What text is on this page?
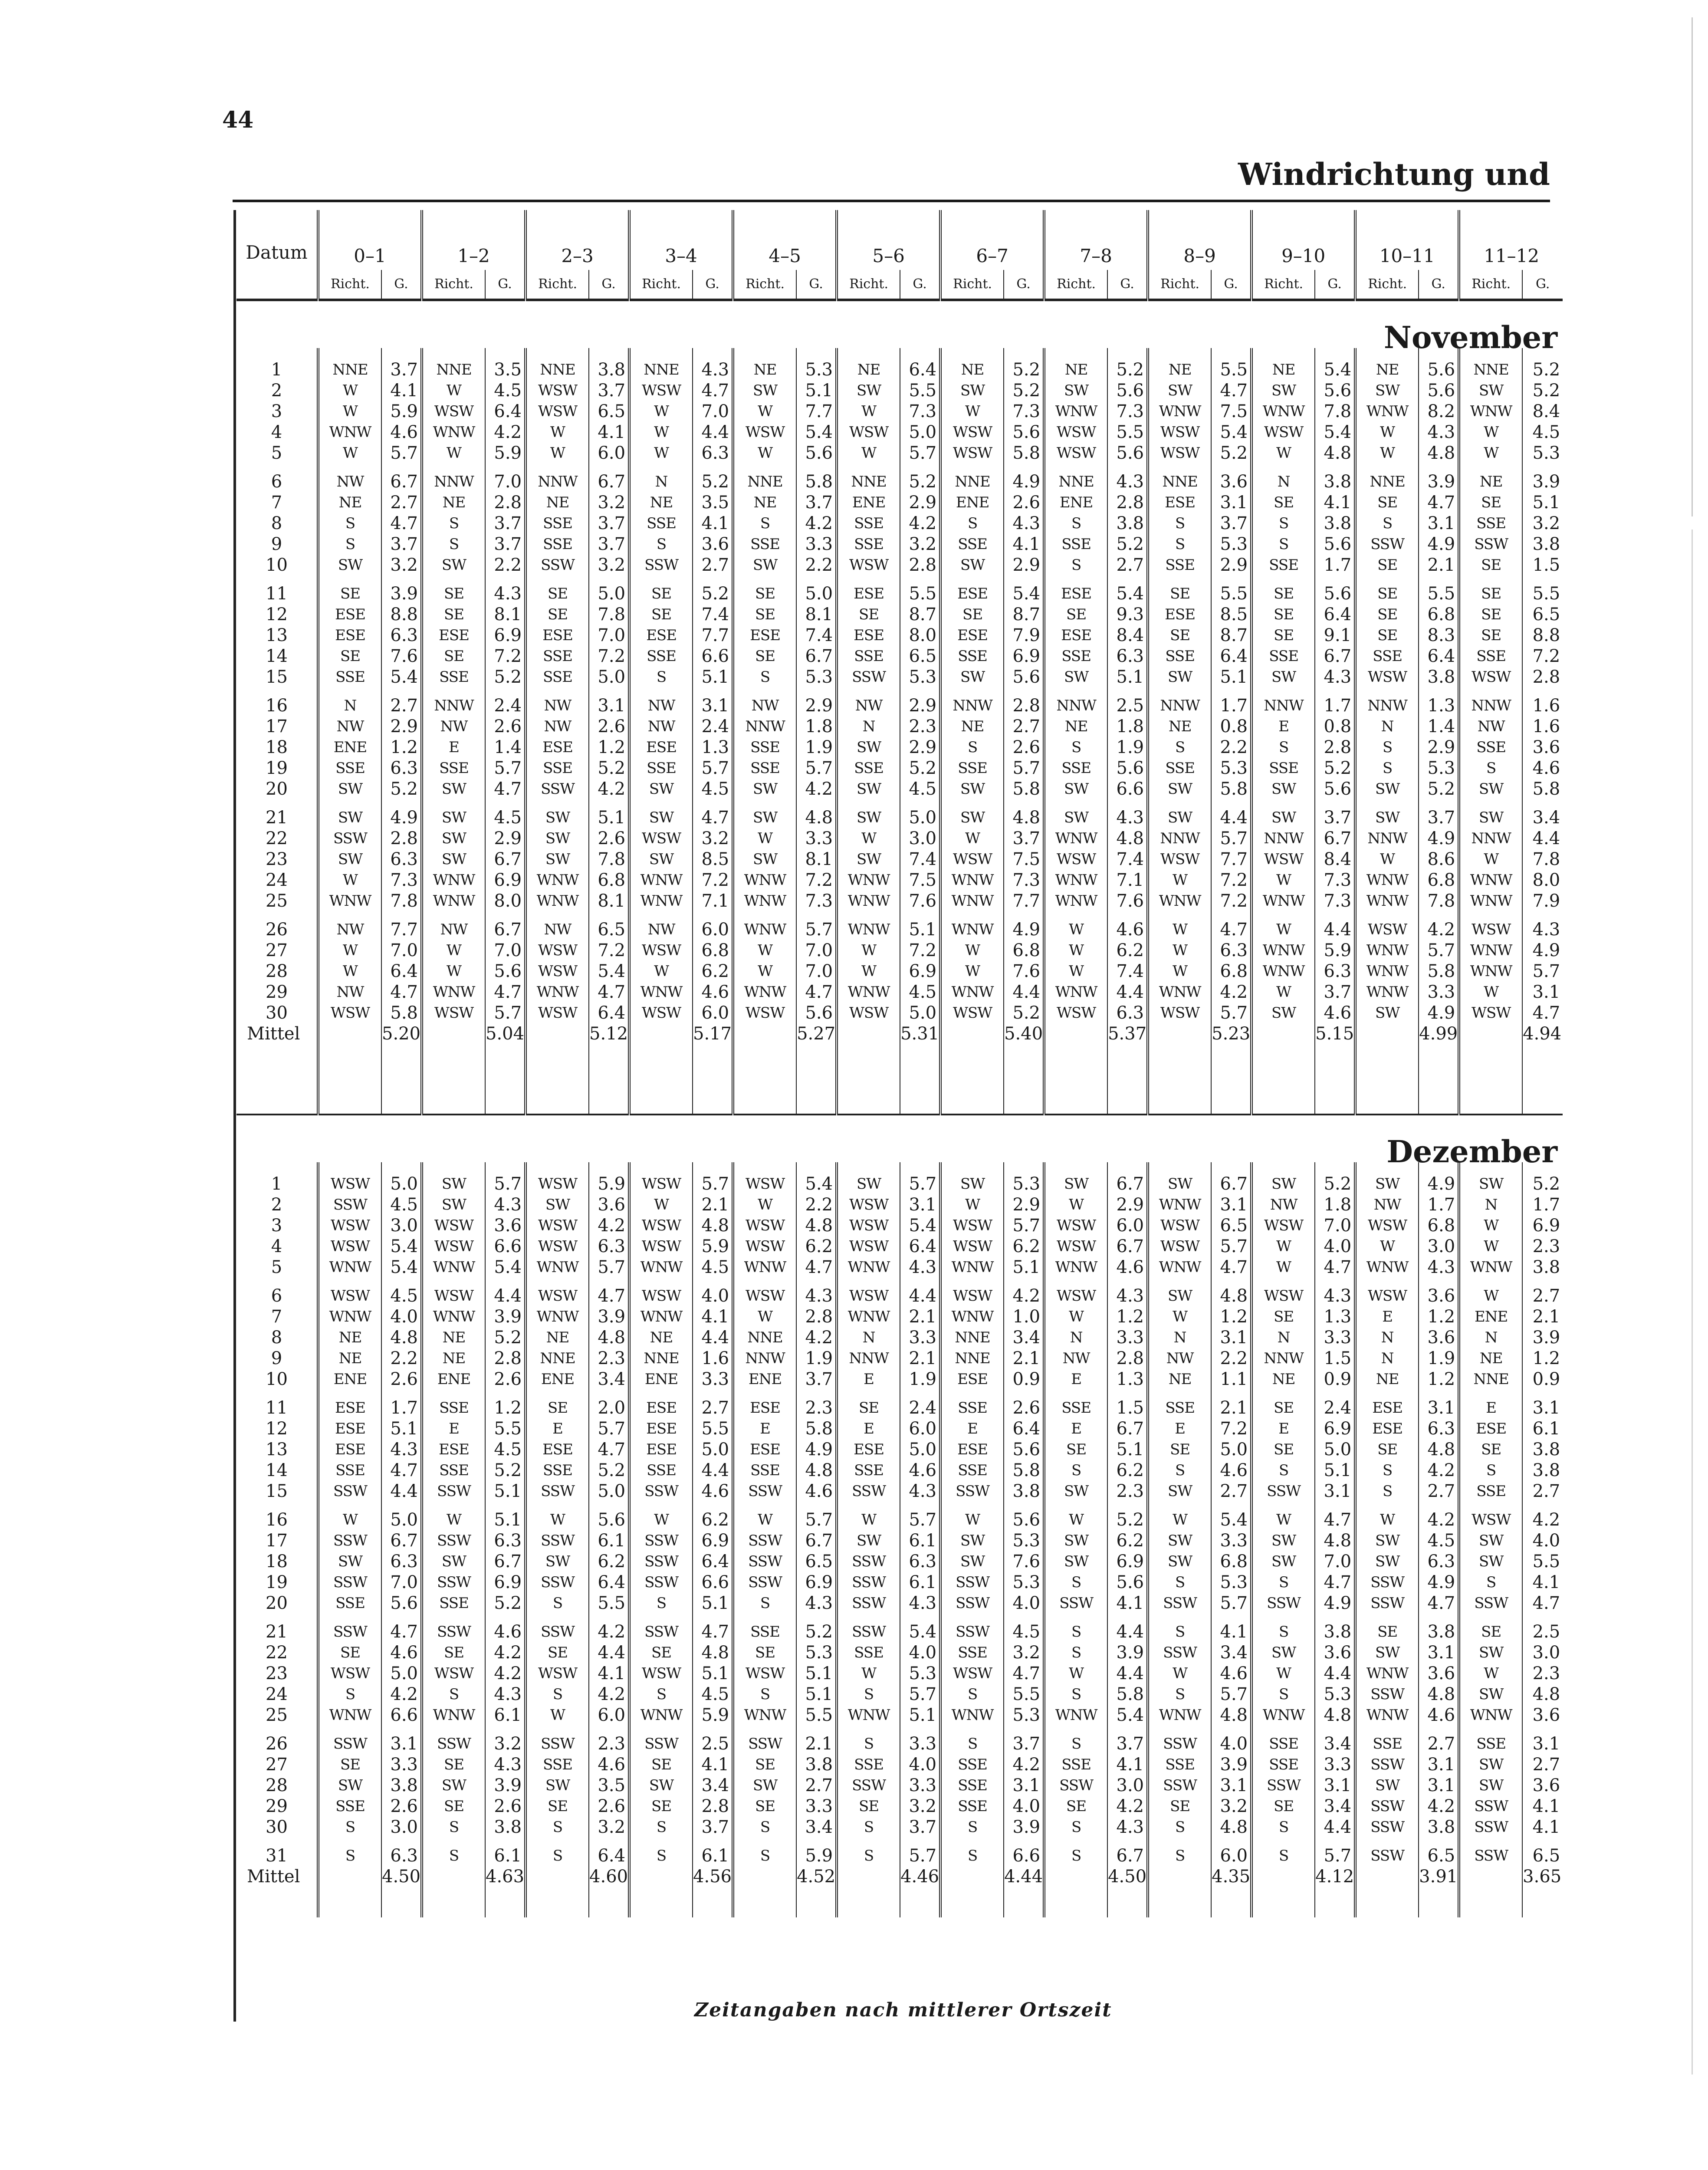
44
Windrichtung und
Datum	0–1		1–2		2–3		3–4		4–5		5–6		6–7		7–8		8–9		9–10		10–11		11–12	
	Richt.	G.	Richt.	G.	Richt.	G.	Richt.	G.	Richt.	G.	Richt.	G.	Richt.	G.	Richt.	G.	Richt.	G.	Richt.	G.	Richt.	G.	Richt.	G.
November																								

1	NNE	3.7	NNE	3.5	NNE	3.8	NNE	4.3	NE	5.3	NE	6.4	NE	5.2	NE	5.2	NE	5.5	NE	5.4	NE	5.6	NNE	5.2
2	W	4.1	W	4.5	WSW	3.7	WSW	4.7	SW	5.1	SW	5.5	SW	5.2	SW	5.6	SW	4.7	SW	5.6	SW	5.6	SW	5.2
3	W	5.9	WSW	6.4	WSW	6.5	W	7.0	W	7.7	W	7.3	W	7.3	WNW	7.3	WNW	7.5	WNW	7.8	WNW	8.2	WNW	8.4
4	WNW	4.6	WNW	4.2	W	4.1	W	4.4	WSW	5.4	WSW	5.0	WSW	5.6	WSW	5.5	WSW	5.4	WSW	5.4	W	4.3	W	4.5
5	W	5.7	W	5.9	W	6.0	W	6.3	W	5.6	W	5.7	WSW	5.8	WSW	5.6	WSW	5.2	W	4.8	W	4.8	W	5.3

6	NW	6.7	NNW	7.0	NNW	6.7	N	5.2	NNE	5.8	NNE	5.2	NNE	4.9	NNE	4.3	NNE	3.6	N	3.8	NNE	3.9	NE	3.9
7	NE	2.7	NE	2.8	NE	3.2	NE	3.5	NE	3.7	ENE	2.9	ENE	2.6	ENE	2.8	ESE	3.1	SE	4.1	SE	4.7	SE	5.1
8	S	4.7	S	3.7	SSE	3.7	SSE	4.1	S	4.2	SSE	4.2	S	4.3	S	3.8	S	3.7	S	3.8	S	3.1	SSE	3.2
9	S	3.7	S	3.7	SSE	3.7	S	3.6	SSE	3.3	SSE	3.2	SSE	4.1	SSE	5.2	S	5.3	S	5.6	SSW	4.9	SSW	3.8
10	SW	3.2	SW	2.2	SSW	3.2	SSW	2.7	SW	2.2	WSW	2.8	SW	2.9	S	2.7	SSE	2.9	SSE	1.7	SE	2.1	SE	1.5

11	SE	3.9	SE	4.3	SE	5.0	SE	5.2	SE	5.0	ESE	5.5	ESE	5.4	ESE	5.4	SE	5.5	SE	5.6	SE	5.5	SE	5.5
12	ESE	8.8	SE	8.1	SE	7.8	SE	7.4	SE	8.1	SE	8.7	SE	8.7	SE	9.3	ESE	8.5	SE	6.4	SE	6.8	SE	6.5
13	ESE	6.3	ESE	6.9	ESE	7.0	ESE	7.7	ESE	7.4	ESE	8.0	ESE	7.9	ESE	8.4	SE	8.7	SE	9.1	SE	8.3	SE	8.8
14	SE	7.6	SE	7.2	SSE	7.2	SSE	6.6	SE	6.7	SSE	6.5	SSE	6.9	SSE	6.3	SSE	6.4	SSE	6.7	SSE	6.4	SSE	7.2
15	SSE	5.4	SSE	5.2	SSE	5.0	S	5.1	S	5.3	SSW	5.3	SW	5.6	SW	5.1	SW	5.1	SW	4.3	WSW	3.8	WSW	2.8

16	N	2.7	NNW	2.4	NW	3.1	NW	3.1	NW	2.9	NW	2.9	NNW	2.8	NNW	2.5	NNW	1.7	NNW	1.7	NNW	1.3	NNW	1.6
17	NW	2.9	NW	2.6	NW	2.6	NW	2.4	NNW	1.8	N	2.3	NE	2.7	NE	1.8	NE	0.8	E	0.8	N	1.4	NW	1.6
18	ENE	1.2	E	1.4	ESE	1.2	ESE	1.3	SSE	1.9	SW	2.9	S	2.6	S	1.9	S	2.2	S	2.8	S	2.9	SSE	3.6
19	SSE	6.3	SSE	5.7	SSE	5.2	SSE	5.7	SSE	5.7	SSE	5.2	SSE	5.7	SSE	5.6	SSE	5.3	SSE	5.2	S	5.3	S	4.6
20	SW	5.2	SW	4.7	SSW	4.2	SW	4.5	SW	4.2	SW	4.5	SW	5.8	SW	6.6	SW	5.8	SW	5.6	SW	5.2	SW	5.8

21	SW	4.9	SW	4.5	SW	5.1	SW	4.7	SW	4.8	SW	5.0	SW	4.8	SW	4.3	SW	4.4	SW	3.7	SW	3.7	SW	3.4
22	SSW	2.8	SW	2.9	SW	2.6	WSW	3.2	W	3.3	W	3.0	W	3.7	WNW	4.8	NNW	5.7	NNW	6.7	NNW	4.9	NNW	4.4
23	SW	6.3	SW	6.7	SW	7.8	SW	8.5	SW	8.1	SW	7.4	WSW	7.5	WSW	7.4	WSW	7.7	WSW	8.4	W	8.6	W	7.8
24	W	7.3	WNW	6.9	WNW	6.8	WNW	7.2	WNW	7.2	WNW	7.5	WNW	7.3	WNW	7.1	W	7.2	W	7.3	WNW	6.8	WNW	8.0
25	WNW	7.8	WNW	8.0	WNW	8.1	WNW	7.1	WNW	7.3	WNW	7.6	WNW	7.7	WNW	7.6	WNW	7.2	WNW	7.3	WNW	7.8	WNW	7.9

26	NW	7.7	NW	6.7	NW	6.5	NW	6.0	WNW	5.7	WNW	5.1	WNW	4.9	W	4.6	W	4.7	W	4.4	WSW	4.2	WSW	4.3
27	W	7.0	W	7.0	WSW	7.2	WSW	6.8	W	7.0	W	7.2	W	6.8	W	6.2	W	6.3	WNW	5.9	WNW	5.7	WNW	4.9
28	W	6.4	W	5.6	WSW	5.4	W	6.2	W	7.0	W	6.9	W	7.6	W	7.4	W	6.8	WNW	6.3	WNW	5.8	WNW	5.7
29	NW	4.7	WNW	4.7	WNW	4.7	WNW	4.6	WNW	4.7	WNW	4.5	WNW	4.4	WNW	4.4	WNW	4.2	W	3.7	WNW	3.3	W	3.1
30	WSW	5.8	WSW	5.7	WSW	6.4	WSW	6.0	WSW	5.6	WSW	5.0	WSW	5.2	WSW	6.3	WSW	5.7	SW	4.6	SW	4.9	WSW	4.7
Mittel		5.20		5.04		5.12		5.17		5.27		5.31		5.40		5.37		5.23		5.15		4.99		4.94

Dezember																								

1	WSW	5.0	SW	5.7	WSW	5.9	WSW	5.7	WSW	5.4	SW	5.7	SW	5.3	SW	6.7	SW	6.7	SW	5.2	SW	4.9	SW	5.2
2	SSW	4.5	SW	4.3	SW	3.6	W	2.1	W	2.2	WSW	3.1	W	2.9	W	2.9	WNW	3.1	NW	1.8	NW	1.7	N	1.7
3	WSW	3.0	WSW	3.6	WSW	4.2	WSW	4.8	WSW	4.8	WSW	5.4	WSW	5.7	WSW	6.0	WSW	6.5	WSW	7.0	WSW	6.8	W	6.9
4	WSW	5.4	WSW	6.6	WSW	6.3	WSW	5.9	WSW	6.2	WSW	6.4	WSW	6.2	WSW	6.7	WSW	5.7	W	4.0	W	3.0	W	2.3
5	WNW	5.4	WNW	5.4	WNW	5.7	WNW	4.5	WNW	4.7	WNW	4.3	WNW	5.1	WNW	4.6	WNW	4.7	W	4.7	WNW	4.3	WNW	3.8

6	WSW	4.5	WSW	4.4	WSW	4.7	WSW	4.0	WSW	4.3	WSW	4.4	WSW	4.2	WSW	4.3	SW	4.8	WSW	4.3	WSW	3.6	W	2.7
7	WNW	4.0	WNW	3.9	WNW	3.9	WNW	4.1	W	2.8	WNW	2.1	WNW	1.0	W	1.2	W	1.2	SE	1.3	E	1.2	ENE	2.1
8	NE	4.8	NE	5.2	NE	4.8	NE	4.4	NNE	4.2	N	3.3	NNE	3.4	N	3.3	N	3.1	N	3.3	N	3.6	N	3.9
9	NE	2.2	NE	2.8	NNE	2.3	NNE	1.6	NNW	1.9	NNW	2.1	NNE	2.1	NW	2.8	NW	2.2	NNW	1.5	N	1.9	NE	1.2
10	ENE	2.6	ENE	2.6	ENE	3.4	ENE	3.3	ENE	3.7	E	1.9	ESE	0.9	E	1.3	NE	1.1	NE	0.9	NE	1.2	NNE	0.9

11	ESE	1.7	SSE	1.2	SE	2.0	ESE	2.7	ESE	2.3	SE	2.4	SSE	2.6	SSE	1.5	SSE	2.1	SE	2.4	ESE	3.1	E	3.1
12	ESE	5.1	E	5.5	E	5.7	ESE	5.5	E	5.8	E	6.0	E	6.4	E	6.7	E	7.2	E	6.9	ESE	6.3	ESE	6.1
13	ESE	4.3	ESE	4.5	ESE	4.7	ESE	5.0	ESE	4.9	ESE	5.0	ESE	5.6	SE	5.1	SE	5.0	SE	5.0	SE	4.8	SE	3.8
14	SSE	4.7	SSE	5.2	SSE	5.2	SSE	4.4	SSE	4.8	SSE	4.6	SSE	5.8	S	6.2	S	4.6	S	5.1	S	4.2	S	3.8
15	SSW	4.4	SSW	5.1	SSW	5.0	SSW	4.6	SSW	4.6	SSW	4.3	SSW	3.8	SW	2.3	SW	2.7	SSW	3.1	S	2.7	SSE	2.7

16	W	5.0	W	5.1	W	5.6	W	6.2	W	5.7	W	5.7	W	5.6	W	5.2	W	5.4	W	4.7	W	4.2	WSW	4.2
17	SSW	6.7	SSW	6.3	SSW	6.1	SSW	6.9	SSW	6.7	SW	6.1	SW	5.3	SW	6.2	SW	3.3	SW	4.8	SW	4.5	SW	4.0
18	SW	6.3	SW	6.7	SW	6.2	SSW	6.4	SSW	6.5	SSW	6.3	SW	7.6	SW	6.9	SW	6.8	SW	7.0	SW	6.3	SW	5.5
19	SSW	7.0	SSW	6.9	SSW	6.4	SSW	6.6	SSW	6.9	SSW	6.1	SSW	5.3	S	5.6	S	5.3	S	4.7	SSW	4.9	S	4.1
20	SSE	5.6	SSE	5.2	S	5.5	S	5.1	S	4.3	SSW	4.3	SSW	4.0	SSW	4.1	SSW	5.7	SSW	4.9	SSW	4.7	SSW	4.7

21	SSW	4.7	SSW	4.6	SSW	4.2	SSW	4.7	SSE	5.2	SSW	5.4	SSW	4.5	S	4.4	S	4.1	S	3.8	SE	3.8	SE	2.5
22	SE	4.6	SE	4.2	SE	4.4	SE	4.8	SE	5.3	SSE	4.0	SSE	3.2	S	3.9	SSW	3.4	SW	3.6	SW	3.1	SW	3.0
23	WSW	5.0	WSW	4.2	WSW	4.1	WSW	5.1	WSW	5.1	W	5.3	WSW	4.7	W	4.4	W	4.6	W	4.4	WNW	3.6	W	2.3
24	S	4.2	S	4.3	S	4.2	S	4.5	S	5.1	S	5.7	S	5.5	S	5.8	S	5.7	S	5.3	SSW	4.8	SW	4.8
25	WNW	6.6	WNW	6.1	W	6.0	WNW	5.9	WNW	5.5	WNW	5.1	WNW	5.3	WNW	5.4	WNW	4.8	WNW	4.8	WNW	4.6	WNW	3.6

26	SSW	3.1	SSW	3.2	SSW	2.3	SSW	2.5	SSW	2.1	S	3.3	S	3.7	S	3.7	SSW	4.0	SSE	3.4	SSE	2.7	SSE	3.1
27	SE	3.3	SE	4.3	SSE	4.6	SE	4.1	SE	3.8	SSE	4.0	SSE	4.2	SSE	4.1	SSE	3.9	SSE	3.3	SSW	3.1	SW	2.7
28	SW	3.8	SW	3.9	SW	3.5	SW	3.4	SW	2.7	SSW	3.3	SSE	3.1	SSW	3.0	SSW	3.1	SSW	3.1	SW	3.1	SW	3.6
29	SSE	2.6	SE	2.6	SE	2.6	SE	2.8	SE	3.3	SE	3.2	SSE	4.0	SE	4.2	SE	3.2	SE	3.4	SSW	4.2	SSW	4.1
30	S	3.0	S	3.8	S	3.2	S	3.7	S	3.4	S	3.7	S	3.9	S	4.3	S	4.8	S	4.4	SSW	3.8	SSW	4.1

31	S	6.3	S	6.1	S	6.4	S	6.1	S	5.9	S	5.7	S	6.6	S	6.7	S	6.0	S	5.7	SSW	6.5	SSW	6.5
Mittel		4.50		4.63		4.60		4.56		4.52		4.46		4.44		4.50		4.35		4.12		3.91		3.65

Zeitangaben nach mittlerer Ortszeit
